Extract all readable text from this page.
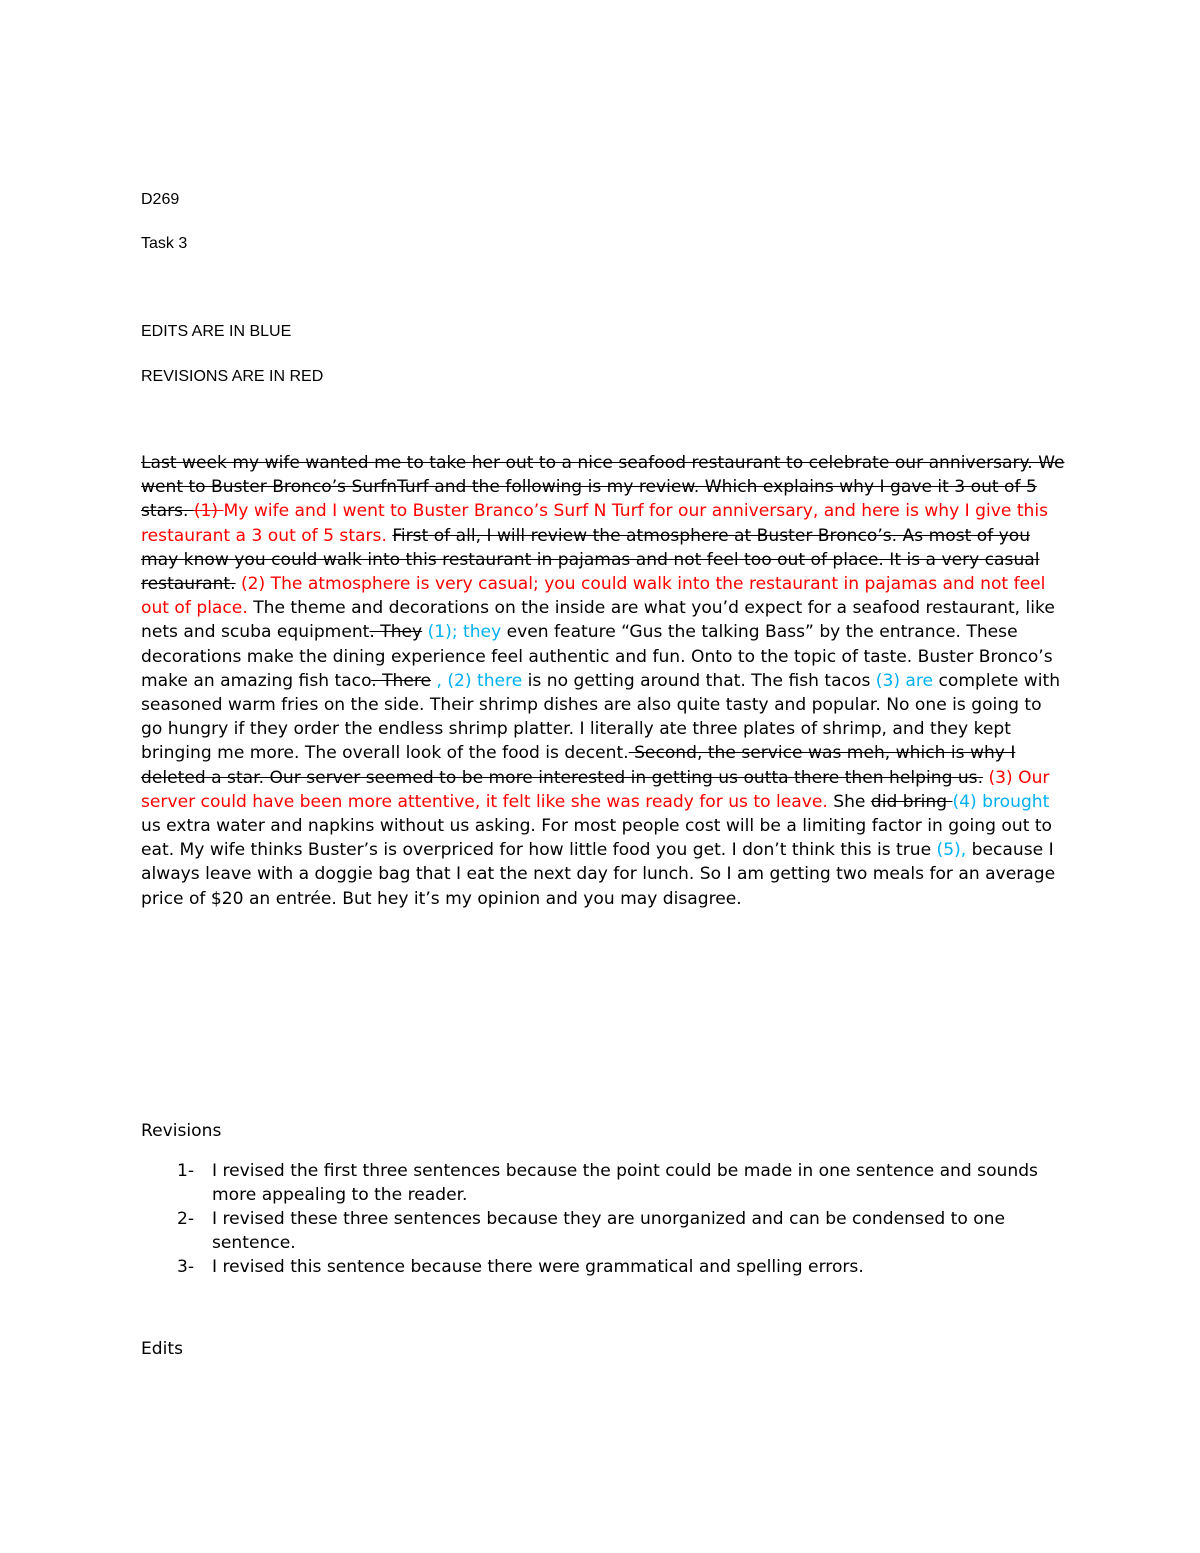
D269

Task 3

EDITS ARE IN BLUE

REVISIONS ARE IN RED

Last week my wife wanted me to take her out to a nice seafood restaurant to celebrate our anniversary. We went to Buster Bronco’s SurfnTurf and the following is my review. Which explains why I gave it 3 out of 5 stars. (1) My wife and I went to Buster Branco’s Surf N Turf for our anniversary, and here is why I give this restaurant a 3 out of 5 stars. First of all, I will review the atmosphere at Buster Bronco’s. As most of you may know you could walk into this restaurant in pajamas and not feel too out of place. It is a very casual restaurant. (2) The atmosphere is very casual; you could walk into the restaurant in pajamas and not feel out of place. The theme and decorations on the inside are what you’d expect for a seafood restaurant, like nets and scuba equipment. They (1); they even feature “Gus the talking Bass” by the entrance. These decorations make the dining experience feel authentic and fun. Onto to the topic of taste. Buster Bronco’s make an amazing fish taco. There , (2) there is no getting around that. The fish tacos (3) are complete with seasoned warm fries on the side. Their shrimp dishes are also quite tasty and popular. No one is going to go hungry if they order the endless shrimp platter. I literally ate three plates of shrimp, and they kept bringing me more. The overall look of the food is decent. Second, the service was meh, which is why I deleted a star. Our server seemed to be more interested in getting us outta there then helping us. (3) Our server could have been more attentive, it felt like she was ready for us to leave. She did bring (4) brought us extra water and napkins without us asking. For most people cost will be a limiting factor in going out to eat. My wife thinks Buster’s is overpriced for how little food you get. I don’t think this is true (5), because I always leave with a doggie bag that I eat the next day for lunch. So I am getting two meals for an average price of $20 an entrée. But hey it’s my opinion and you may disagree.

Revisions

1- I revised the first three sentences because the point could be made in one sentence and sounds more appealing to the reader.
2- I revised these three sentences because they are unorganized and can be condensed to one sentence.
3- I revised this sentence because there were grammatical and spelling errors.

Edits
